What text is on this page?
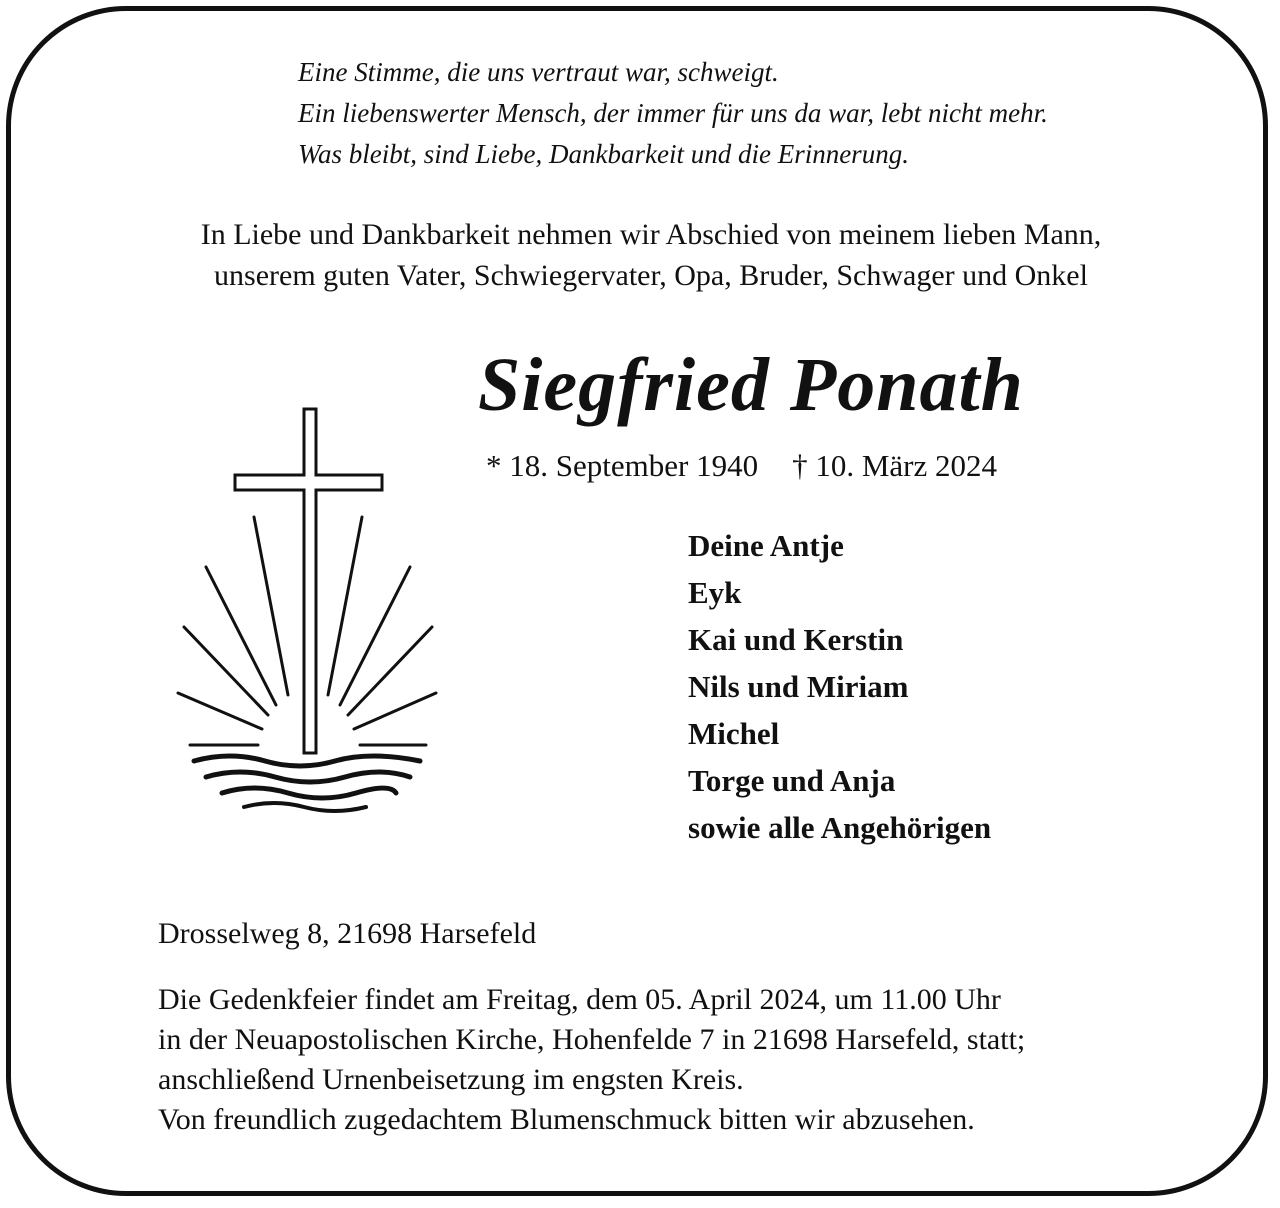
Eine Stimme, die uns vertraut war, schweigt.
Ein liebenswerter Mensch, der immer für uns da war, lebt nicht mehr.
Was bleibt, sind Liebe, Dankbarkeit und die Erinnerung.
In Liebe und Dankbarkeit nehmen wir Abschied von meinem lieben Mann,
unserem guten Vater, Schwiegervater, Opa, Bruder, Schwager und Onkel
Siegfried Ponath
* 18. September 1940 † 10. März 2024
Deine Antje
Eyk
Kai und Kerstin
Nils und Miriam
Michel
Torge und Anja
sowie alle Angehörigen
Drosselweg 8, 21698 Harsefeld
Die Gedenkfeier findet am Freitag, dem 05. April 2024, um 11.00 Uhr
in der Neuapostolischen Kirche, Hohenfelde 7 in 21698 Harsefeld, statt;
anschließend Urnenbeisetzung im engsten Kreis.
Von freundlich zugedachtem Blumenschmuck bitten wir abzusehen.
